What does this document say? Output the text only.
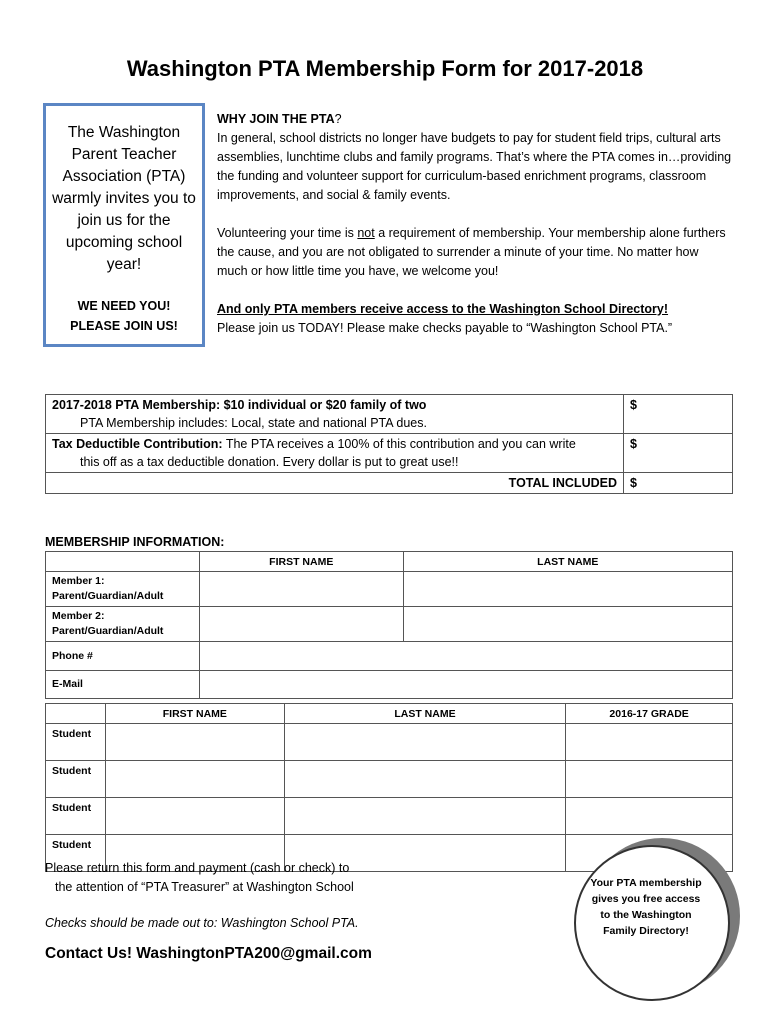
Washington PTA Membership Form for 2017-2018
The Washington Parent Teacher Association (PTA) warmly invites you to join us for the upcoming school year!
WE NEED YOU!
PLEASE JOIN US!

WHY JOIN THE PTA?

In general, school districts no longer have budgets to pay for student field trips, cultural arts assemblies, lunchtime clubs and family programs. That’s where the PTA comes in…providing the funding and volunteer support for curriculum-based enrichment programs, classroom improvements, and social & family events.

Volunteering your time is not a requirement of membership. Your membership alone furthers the cause, and you are not obligated to surrender a minute of your time. No matter how much or how little time you have, we welcome you!

And only PTA members receive access to the Washington School Directory!

Please join us TODAY! Please make checks payable to “Washington School PTA.”

2017-2018 PTA Membership: $10 individual or $20 family of two
PTA Membership includes: Local, state and national PTA dues.	$

Tax Deductible Contribution: The PTA receives a 100% of this contribution and you can write
this off as a tax deductible donation. Every dollar is put to great use!!	$
TOTAL INCLUDED	$
MEMBERSHIP INFORMATION:
	FIRST NAME	LAST NAME

Member 1:
Parent/Guardian/Adult		

Member 2:
Parent/Guardian/Adult		

Phone #		
E-Mail		
	FIRST NAME	LAST NAME	2016-17 GRADE
Student			
Student			
Student			
Student			
Please return this form and payment (cash or check) to
the attention of “PTA Treasurer” at Washington School
Checks should be made out to: Washington School PTA.
Contact Us! WashingtonPTA200@gmail.com
Your PTA membership gives you free access to the Washington Family Directory!
